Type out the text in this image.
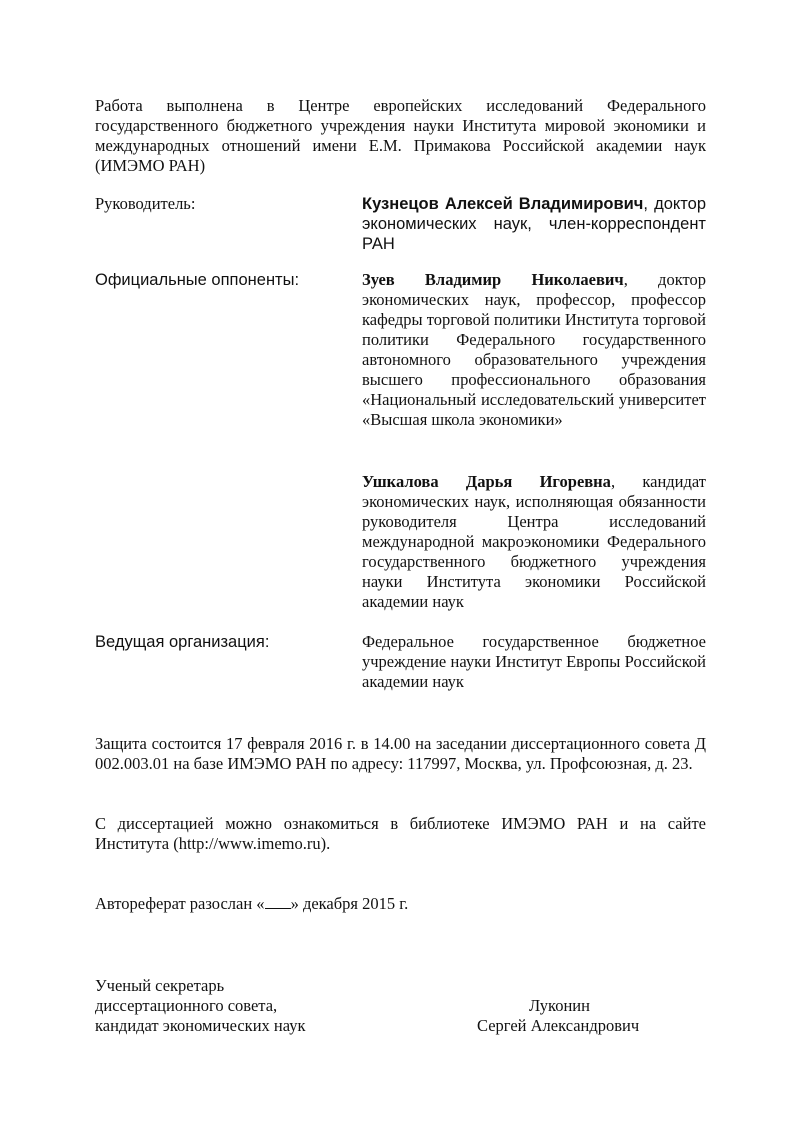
Работа выполнена в Центре европейских исследований Федерального государственного бюджетного учреждения науки Института мировой экономики и международных отношений имени Е.М. Примакова Российской академии наук (ИМЭМО РАН)

Руководитель:	Кузнецов Алексей Владимирович, доктор экономических наук, член-корреспондент РАН

Официальные оппоненты:	Зуев Владимир Николаевич, доктор экономических наук, профессор, профессор кафедры торговой политики Института торговой политики Федерального государственного автономного образовательного учреждения высшего профессионального образования «Национальный исследовательский университет «Высшая школа экономики»

Ушкалова Дарья Игоревна, кандидат экономических наук, исполняющая обязанности руководителя Центра исследований международной макроэкономики Федерального государственного бюджетного учреждения науки Института экономики Российской академии наук

Ведущая организация:	Федеральное государственное бюджетное учреждение науки Институт Европы Российской академии наук

Защита состоится 17 февраля 2016 г. в 14.00 на заседании диссертационного совета Д 002.003.01 на базе ИМЭМО РАН по адресу: 117997, Москва, ул. Профсоюзная, д. 23.

С диссертацией можно ознакомиться в библиотеке ИМЭМО РАН и на сайте Института (http://www.imemo.ru).

Автореферат разослан « » декабря 2015 г.

Ученый секретарь

диссертационного совета,

кандидат экономических наук

Луконин

Сергей Александрович
